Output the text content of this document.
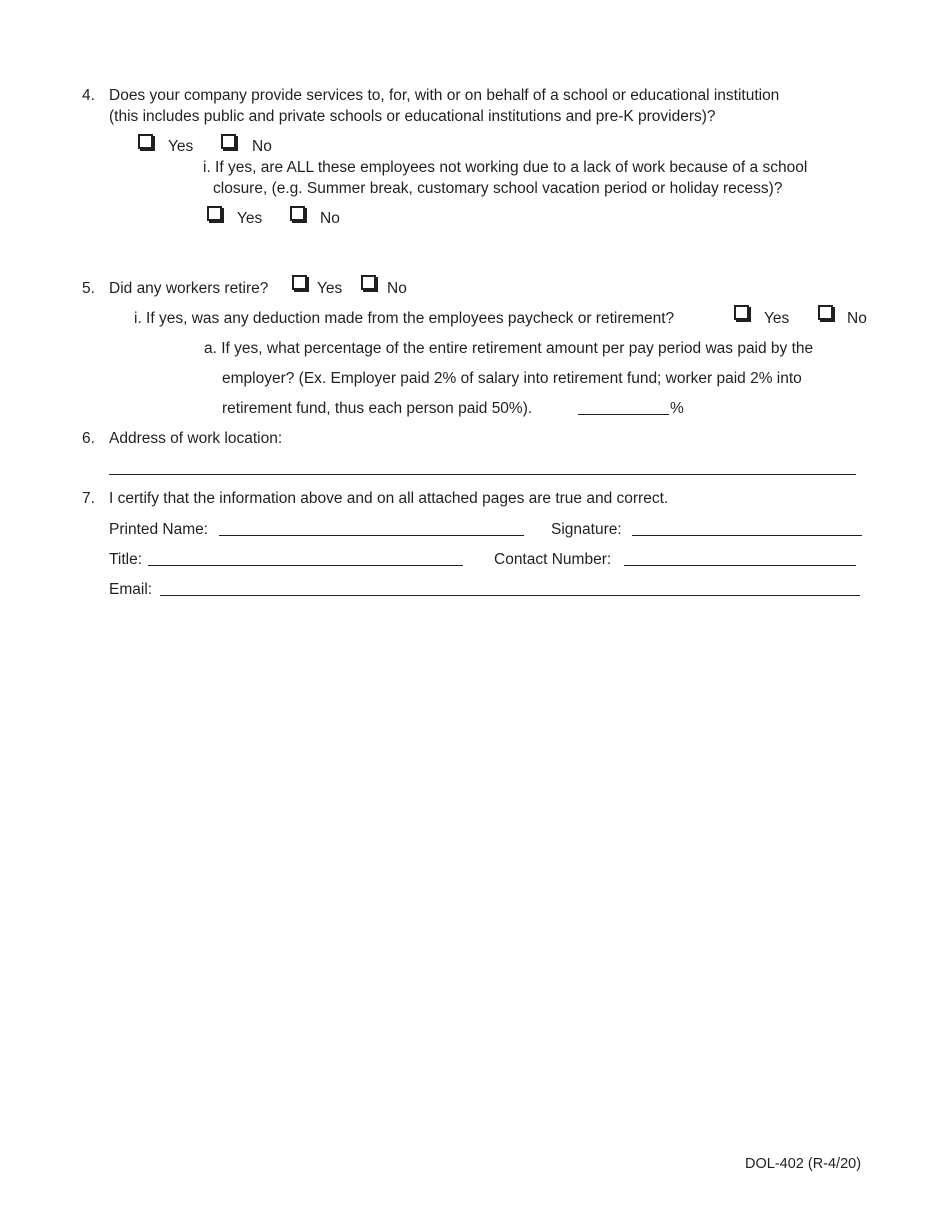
4. Does your company provide services to, for, with or on behalf of a school or educational institution
(this includes public and private schools or educational institutions and pre-K providers)?
Yes	No
i. If yes, are ALL these employees not working due to a lack of work because of a school
closure, (e.g. Summer break, customary school vacation period or holiday recess)?
Yes	No
5. Did any workers retire?	Yes	No
i. If yes, was any deduction made from the employees paycheck or retirement?	Yes	No
a. If yes, what percentage of the entire retirement amount per pay period was paid by the
employer? (Ex. Employer paid 2% of salary into retirement fund; worker paid 2% into
retirement fund, thus each person paid 50%).	%
6. Address of work location:
7. I certify that the information above and on all attached pages are true and correct.
Printed Name:	Signature:
Title:	Contact Number:
Email:
DOL-402 (R-4/20)
